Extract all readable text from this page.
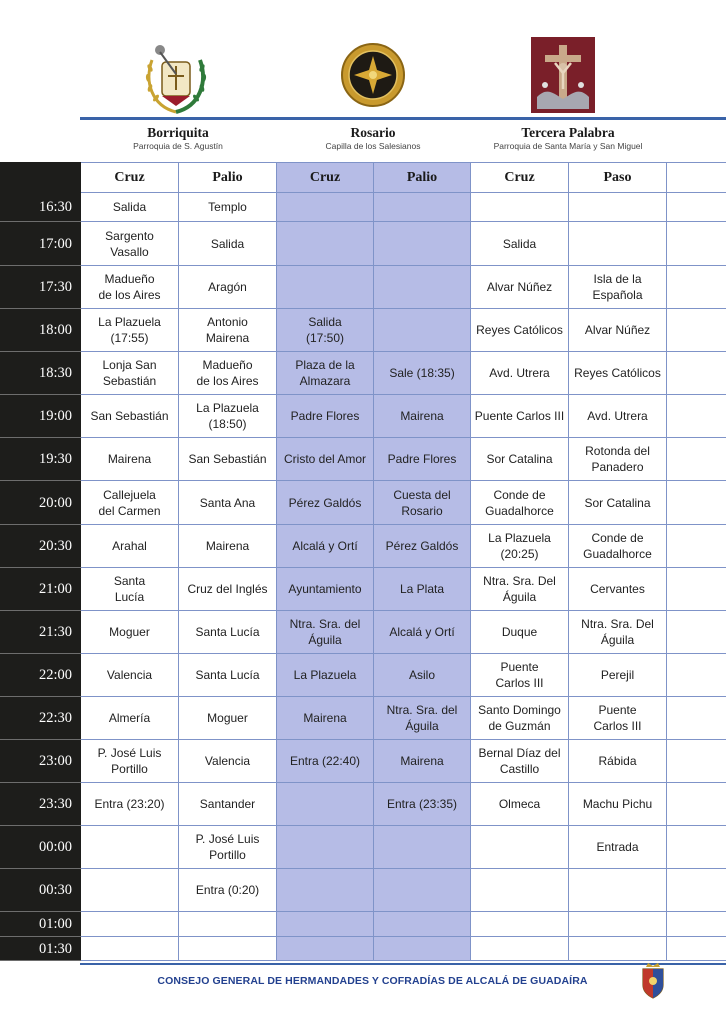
Borriquita
Parroquia de S. Agustín
Rosario
Capilla de los Salesianos
Tercera Palabra
Parroquia de Santa María y San Miguel
	Cruz	Palio	Cruz	Palio	Cruz	Paso	
16:30	Salida	Templo					

17:00	Sargento
Vasallo	Salida			Salida		

17:30	Madueño
de los Aires	Aragón			Alvar Núñez	Isla de la
Española	

18:00	La Plazuela
(17:55)	Antonio
Mairena	Salida
(17:50)		Reyes Católicos	Alvar Núñez	

18:30	Lonja San
Sebastián	Madueño
de los Aires	Plaza de la
Almazara	Sale (18:35)	Avd. Utrera	Reyes Católicos	

19:00	San Sebastián	La Plazuela
(18:50)	Padre Flores	Mairena	Puente Carlos III	Avd. Utrera	

19:30	Mairena	San Sebastián	Cristo del Amor	Padre Flores	Sor Catalina	Rotonda del
Panadero	

20:00	Callejuela
del Carmen	Santa Ana	Pérez Galdós	Cuesta del
Rosario	Conde de
Guadalhorce	Sor Catalina	

20:30	Arahal	Mairena	Alcalá y Ortí	Pérez Galdós	La Plazuela
(20:25)	Conde de
Guadalhorce	

21:00	Santa
Lucía	Cruz del Inglés	Ayuntamiento	La Plata	Ntra. Sra. Del
Águila	Cervantes	

21:30	Moguer	Santa Lucía	Ntra. Sra. del
Águila	Alcalá y Ortí	Duque	Ntra. Sra. Del
Águila	

22:00	Valencia	Santa Lucía	La Plazuela	Asilo	Puente
Carlos III	Perejil	

22:30	Almería	Moguer	Mairena	Ntra. Sra. del
Águila	Santo Domingo
de Guzmán	Puente
Carlos III	

23:00	P. José Luis
Portillo	Valencia	Entra (22:40)	Mairena	Bernal Díaz del
Castillo	Rábida	

23:30	Entra (23:20)	Santander		Entra (23:35)	Olmeca	Machu Pichu	

00:00		P. José Luis
Portillo				Entrada	

00:30		Entra (0:20)					

01:00	

01:30	

CONSEJO GENERAL DE HERMANDADES Y COFRADÍAS DE ALCALÁ DE GUADAÍRA
